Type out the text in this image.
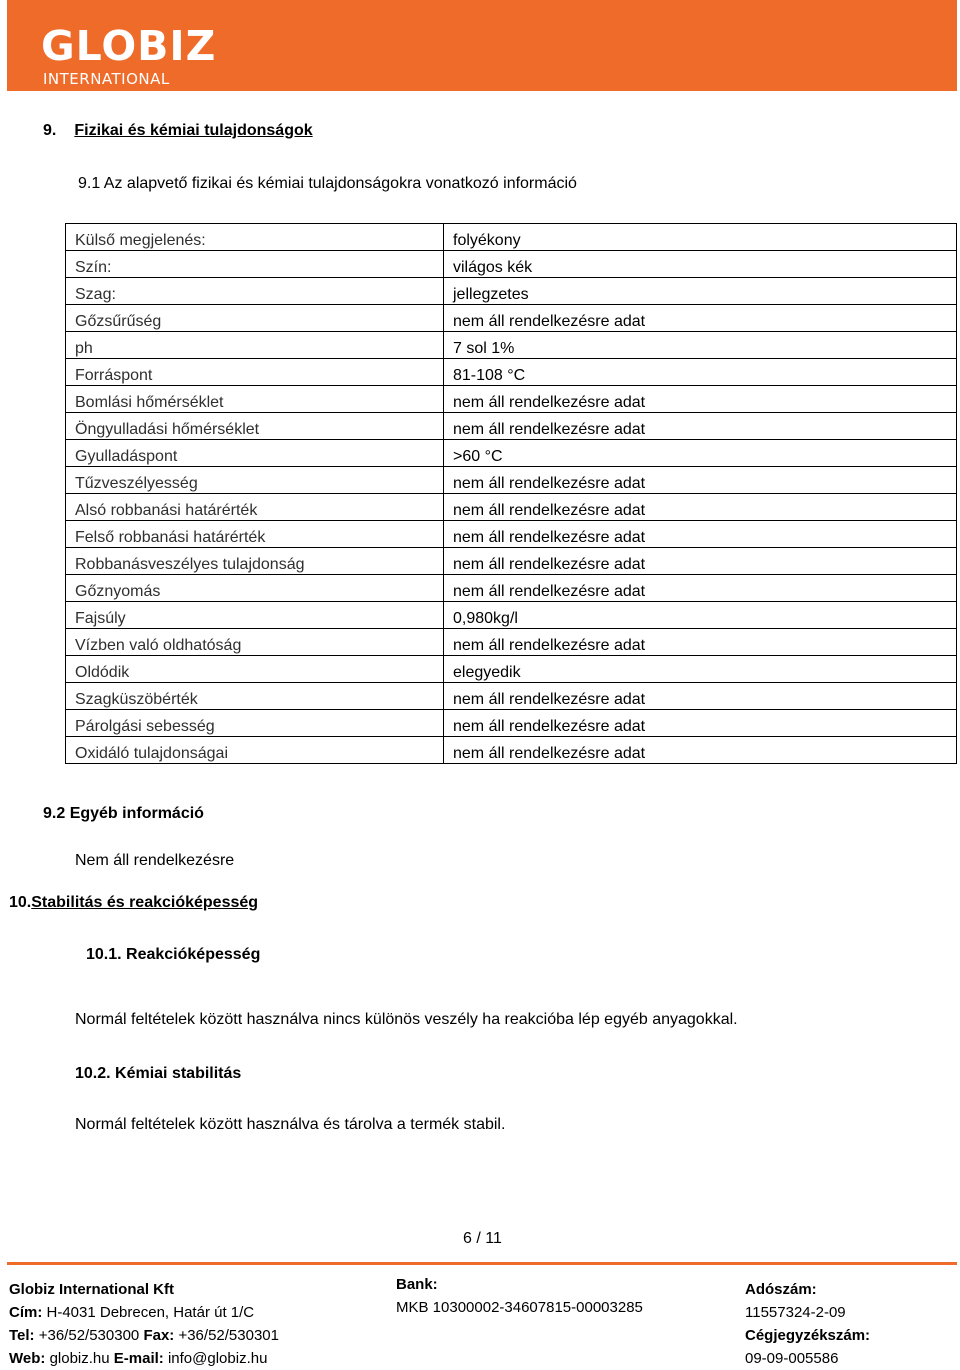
GLOBIZ
INTERNATIONAL
9. Fizikai és kémiai tulajdonságok
9.1 Az alapvető fizikai és kémiai tulajdonságokra vonatkozó információ
Külső megjelenés:	folyékony
Szín:	világos kék
Szag:	jellegzetes
Gőzsűrűség	nem áll rendelkezésre adat
ph	7 sol 1%
Forráspont	81-108 °C
Bomlási hőmérséklet	nem áll rendelkezésre adat
Öngyulladási hőmérséklet	nem áll rendelkezésre adat
Gyulladáspont	>60 °C
Tűzveszélyesség	nem áll rendelkezésre adat
Alsó robbanási határérték	nem áll rendelkezésre adat
Felső robbanási határérték	nem áll rendelkezésre adat
Robbanásveszélyes tulajdonság	nem áll rendelkezésre adat
Gőznyomás	nem áll rendelkezésre adat
Fajsúly	0,980kg/l
Vízben való oldhatóság	nem áll rendelkezésre adat
Oldódik	elegyedik
Szagküszöbérték	nem áll rendelkezésre adat
Párolgási sebesség	nem áll rendelkezésre adat
Oxidáló tulajdonságai	nem áll rendelkezésre adat
9.2 Egyéb információ
Nem áll rendelkezésre
10.Stabilitás és reakcióképesség
10.1. Reakcióképesség
Normál feltételek között használva nincs különös veszély ha reakcióba lép egyéb anyagokkal.
10.2. Kémiai stabilitás
Normál feltételek között használva és tárolva a termék stabil.
6 / 11
Globiz International Kft
Cím: H-4031 Debrecen, Határ út 1/C
Tel: +36/52/530300 Fax: +36/52/530301
Web: globiz.hu E-mail: info@globiz.hu
Bank:
MKB 10300002-34607815-00003285
Adószám:
11557324-2-09
Cégjegyzékszám:
09-09-005586
